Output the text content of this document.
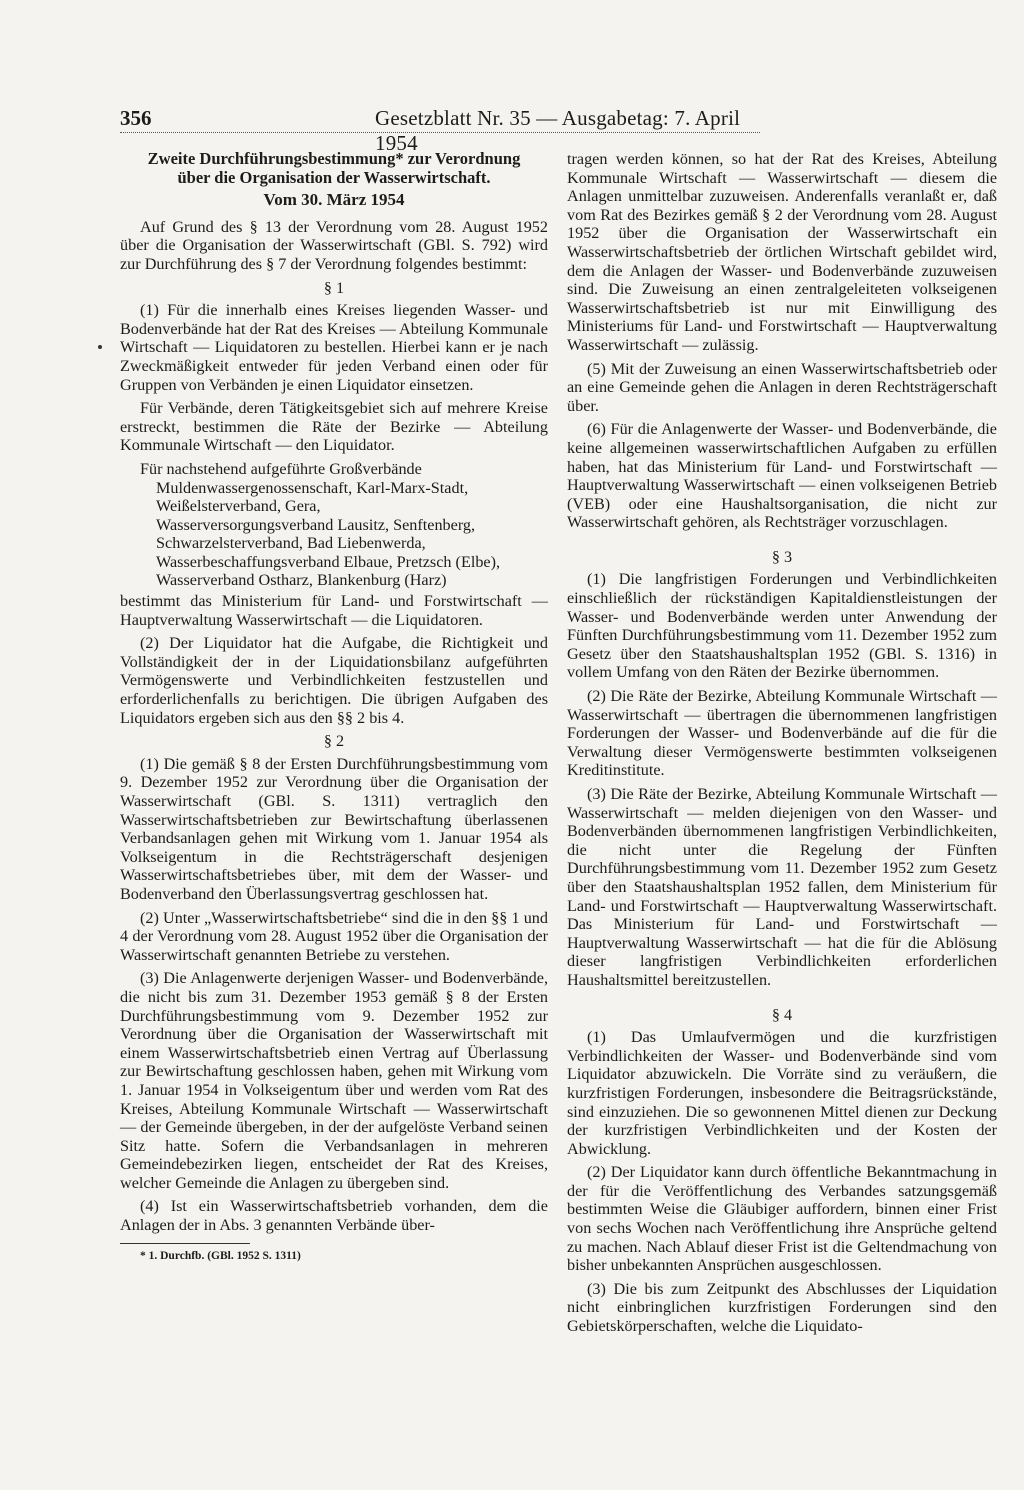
356	Gesetzblatt Nr. 35 — Ausgabetag: 7. April 1954
Zweite Durchführungsbestimmung* zur Verordnung über die Organisation der Wasserwirtschaft.
Vom 30. März 1954

Auf Grund des § 13 der Verordnung vom 28. August 1952 über die Organisation der Wasserwirtschaft (GBl. S. 792) wird zur Durchführung des § 7 der Verordnung folgendes bestimmt:

§ 1

(1) Für die innerhalb eines Kreises liegenden Wasser- und Bodenverbände hat der Rat des Kreises — Abteilung Kommunale Wirtschaft — Liquidatoren zu bestellen. Hierbei kann er je nach Zweckmäßigkeit entweder für jeden Verband einen oder für Gruppen von Verbänden je einen Liquidator einsetzen.

Für Verbände, deren Tätigkeitsgebiet sich auf mehrere Kreise erstreckt, bestimmen die Räte der Bezirke — Abteilung Kommunale Wirtschaft — den Liquidator.

Für nachstehend aufgeführte Großverbände

Muldenwassergenossenschaft, Karl-Marx-Stadt,
Weißelsterverband, Gera,
Wasserversorgungsverband Lausitz, Senftenberg,
Schwarzelsterverband, Bad Liebenwerda,
Wasserbeschaffungsverband Elbaue, Pretzsch (Elbe),
Wasserverband Ostharz, Blankenburg (Harz)

bestimmt das Ministerium für Land- und Forstwirtschaft — Hauptverwaltung Wasserwirtschaft — die Liquidatoren.

(2) Der Liquidator hat die Aufgabe, die Richtigkeit und Vollständigkeit der in der Liquidationsbilanz aufgeführten Vermögenswerte und Verbindlichkeiten festzustellen und erforderlichenfalls zu berichtigen. Die übrigen Aufgaben des Liquidators ergeben sich aus den §§ 2 bis 4.

§ 2

(1) Die gemäß § 8 der Ersten Durchführungsbestimmung vom 9. Dezember 1952 zur Verordnung über die Organisation der Wasserwirtschaft (GBl. S. 1311) vertraglich den Wasserwirtschaftsbetrieben zur Bewirtschaftung überlassenen Verbandsanlagen gehen mit Wirkung vom 1. Januar 1954 als Volkseigentum in die Rechtsträgerschaft desjenigen Wasserwirtschaftsbetriebes über, mit dem der Wasser- und Bodenverband den Überlassungsvertrag geschlossen hat.

(2) Unter „Wasserwirtschaftsbetriebe“ sind die in den §§ 1 und 4 der Verordnung vom 28. August 1952 über die Organisation der Wasserwirtschaft genannten Betriebe zu verstehen.

(3) Die Anlagenwerte derjenigen Wasser- und Bodenverbände, die nicht bis zum 31. Dezember 1953 gemäß § 8 der Ersten Durchführungsbestimmung vom 9. Dezember 1952 zur Verordnung über die Organisation der Wasserwirtschaft mit einem Wasserwirtschaftsbetrieb einen Vertrag auf Überlassung zur Bewirtschaftung geschlossen haben, gehen mit Wirkung vom 1. Januar 1954 in Volkseigentum über und werden vom Rat des Kreises, Abteilung Kommunale Wirtschaft — Wasserwirtschaft — der Gemeinde übergeben, in der der aufgelöste Verband seinen Sitz hatte. Sofern die Verbandsanlagen in mehreren Gemeindebezirken liegen, entscheidet der Rat des Kreises, welcher Gemeinde die Anlagen zu übergeben sind.

(4) Ist ein Wasserwirtschaftsbetrieb vorhanden, dem die Anlagen der in Abs. 3 genannten Verbände über-

* 1. Durchfb. (GBl. 1952 S. 1311)

tragen werden können, so hat der Rat des Kreises, Abteilung Kommunale Wirtschaft — Wasserwirtschaft — diesem die Anlagen unmittelbar zuzuweisen. Anderenfalls veranlaßt er, daß vom Rat des Bezirkes gemäß § 2 der Verordnung vom 28. August 1952 über die Organisation der Wasserwirtschaft ein Wasserwirtschaftsbetrieb der örtlichen Wirtschaft gebildet wird, dem die Anlagen der Wasser- und Bodenverbände zuzuweisen sind. Die Zuweisung an einen zentralgeleiteten volkseigenen Wasserwirtschaftsbetrieb ist nur mit Einwilligung des Ministeriums für Land- und Forstwirtschaft — Hauptverwaltung Wasserwirtschaft — zulässig.

(5) Mit der Zuweisung an einen Wasserwirtschaftsbetrieb oder an eine Gemeinde gehen die Anlagen in deren Rechtsträgerschaft über.

(6) Für die Anlagenwerte der Wasser- und Bodenverbände, die keine allgemeinen wasserwirtschaftlichen Aufgaben zu erfüllen haben, hat das Ministerium für Land- und Forstwirtschaft — Hauptverwaltung Wasserwirtschaft — einen volkseigenen Betrieb (VEB) oder eine Haushaltsorganisation, die nicht zur Wasserwirtschaft gehören, als Rechtsträger vorzuschlagen.

§ 3

(1) Die langfristigen Forderungen und Verbindlichkeiten einschließlich der rückständigen Kapitaldienstleistungen der Wasser- und Bodenverbände werden unter Anwendung der Fünften Durchführungsbestimmung vom 11. Dezember 1952 zum Gesetz über den Staatshaushaltsplan 1952 (GBl. S. 1316) in vollem Umfang von den Räten der Bezirke übernommen.

(2) Die Räte der Bezirke, Abteilung Kommunale Wirtschaft — Wasserwirtschaft — übertragen die übernommenen langfristigen Forderungen der Wasser- und Bodenverbände auf die für die Verwaltung dieser Vermögenswerte bestimmten volkseigenen Kreditinstitute.

(3) Die Räte der Bezirke, Abteilung Kommunale Wirtschaft — Wasserwirtschaft — melden diejenigen von den Wasser- und Bodenverbänden übernommenen langfristigen Verbindlichkeiten, die nicht unter die Regelung der Fünften Durchführungsbestimmung vom 11. Dezember 1952 zum Gesetz über den Staatshaushaltsplan 1952 fallen, dem Ministerium für Land- und Forstwirtschaft — Hauptverwaltung Wasserwirtschaft. Das Ministerium für Land- und Forstwirtschaft — Hauptverwaltung Wasserwirtschaft — hat die für die Ablösung dieser langfristigen Verbindlichkeiten erforderlichen Haushaltsmittel bereitzustellen.

§ 4

(1) Das Umlaufvermögen und die kurzfristigen Verbindlichkeiten der Wasser- und Bodenverbände sind vom Liquidator abzuwickeln. Die Vorräte sind zu veräußern, die kurzfristigen Forderungen, insbesondere die Beitragsrückstände, sind einzuziehen. Die so gewonnenen Mittel dienen zur Deckung der kurzfristigen Verbindlichkeiten und der Kosten der Abwicklung.

(2) Der Liquidator kann durch öffentliche Bekanntmachung in der für die Veröffentlichung des Verbandes satzungsgemäß bestimmten Weise die Gläubiger auffordern, binnen einer Frist von sechs Wochen nach Veröffentlichung ihre Ansprüche geltend zu machen. Nach Ablauf dieser Frist ist die Geltendmachung von bisher unbekannten Ansprüchen ausgeschlossen.

(3) Die bis zum Zeitpunkt des Abschlusses der Liquidation nicht einbringlichen kurzfristigen Forderungen sind den Gebietskörperschaften, welche die Liquidato-
